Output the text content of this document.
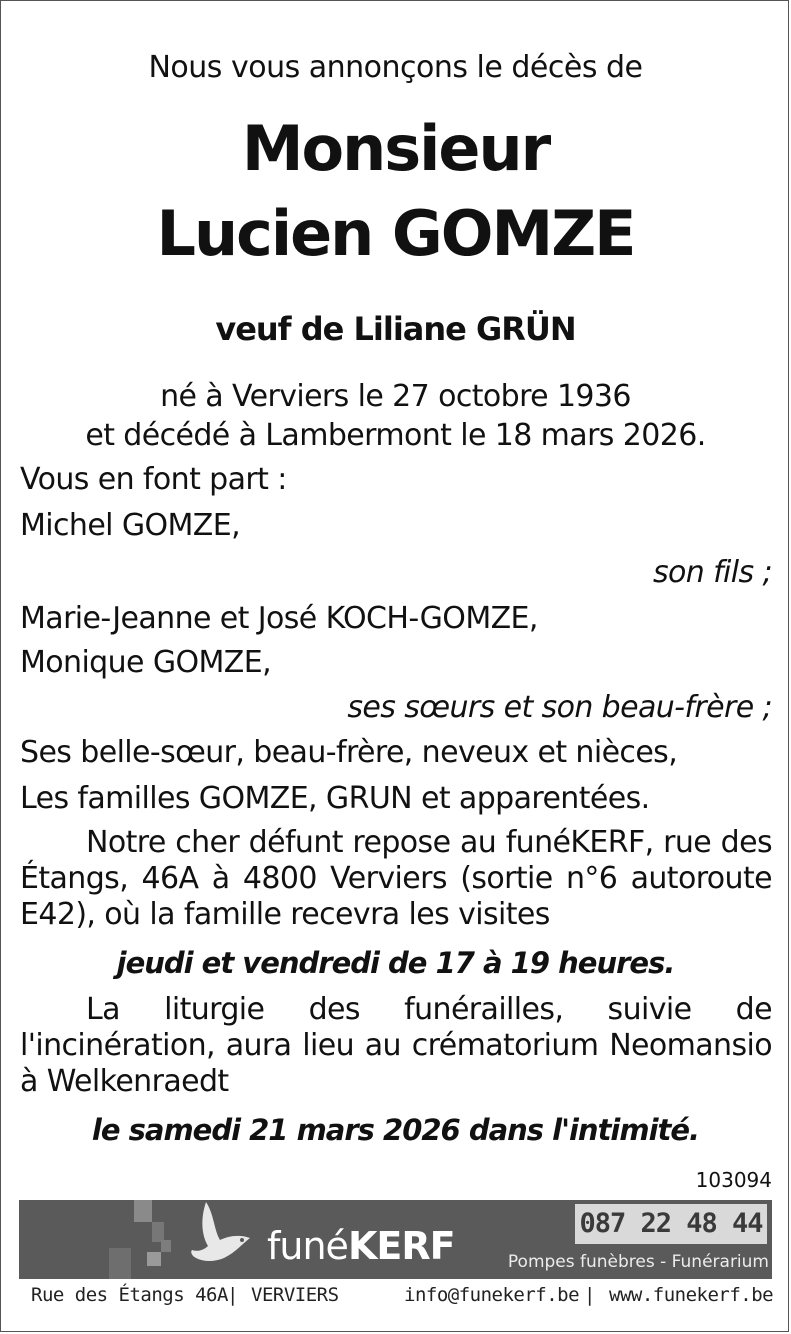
Nous vous annonçons le décès de
Monsieur
Lucien GOMZE
veuf de Liliane GRÜN
né à Verviers le 27 octobre 1936
et décédé à Lambermont le 18 mars 2026.
Vous en font part :
Michel GOMZE,
son fils ;
Marie-Jeanne et José KOCH-GOMZE,
Monique GOMZE,
ses sœurs et son beau-frère ;
Ses belle-sœur, beau-frère, neveux et nièces,
Les familles GOMZE, GRUN et apparentées.
Notre cher défunt repose au funéKERF, rue des Étangs, 46A à 4800 Verviers (sortie n°6 autoroute E42), où la famille recevra les visites
jeudi et vendredi de 17 à 19 heures.
La liturgie des funérailles, suivie de l'incinération, aura lieu au crématorium Neomansio à Welkenraedt
le samedi 21 mars 2026 dans l'intimité.
103094
funéKERF
087 22 48 44
Pompes funèbres - Funérarium
Rue des Étangs 46A | VERVIERS	info@funekerf.be | www.funekerf.be
